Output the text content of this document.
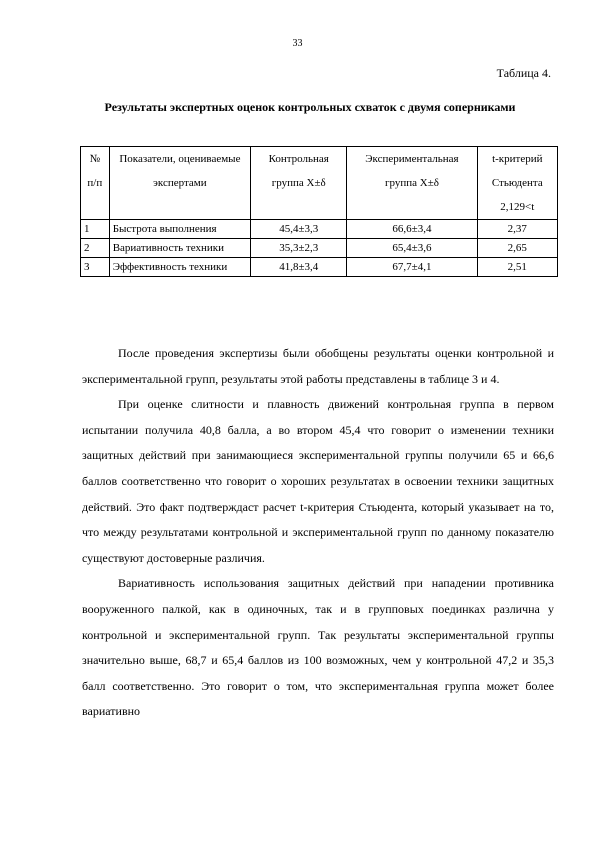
33
Таблица 4.
Результаты экспертных оценок контрольных схваток с двумя соперниками
№ п/п	Показатели, оцениваемые экспертами	Контрольная группа X±δ	Экспериментальная группа X±δ	t-критерий Стьюдента 2,129<t
1	Быстрота выполнения	45,4±3,3	66,6±3,4	2,37
2	Вариативность техники	35,3±2,3	65,4±3,6	2,65
3	Эффективность техники	41,8±3,4	67,7±4,1	2,51

После проведения экспертизы были обобщены результаты оценки контрольной и экспериментальной групп, результаты этой работы представлены в таблице 3 и 4.

При оценке слитности и плавность движений контрольная группа в первом испытании получила 40,8 балла, а во втором 45,4 что говорит о изменении техники защитных действий при занимающиеся экспериментальной группы получили 65 и 66,6 баллов соответственно что говорит о хороших результатах в освоении техники защитных действий. Это факт подтверждаст расчет t-критерия Стьюдента, который указывает на то, что между результатами контрольной и экспериментальной групп по данному показателю существуют достоверные различия.

Вариативность использования защитных действий при нападении противника вооруженного палкой, как в одиночных, так и в групповых поединках различна у контрольной и экспериментальной групп. Так результаты экспериментальной группы значительно выше, 68,7 и 65,4 баллов из 100 возможных, чем у контрольной 47,2 и 35,3 балл соответственно. Это говорит о том, что экспериментальная группа может более вариативно
